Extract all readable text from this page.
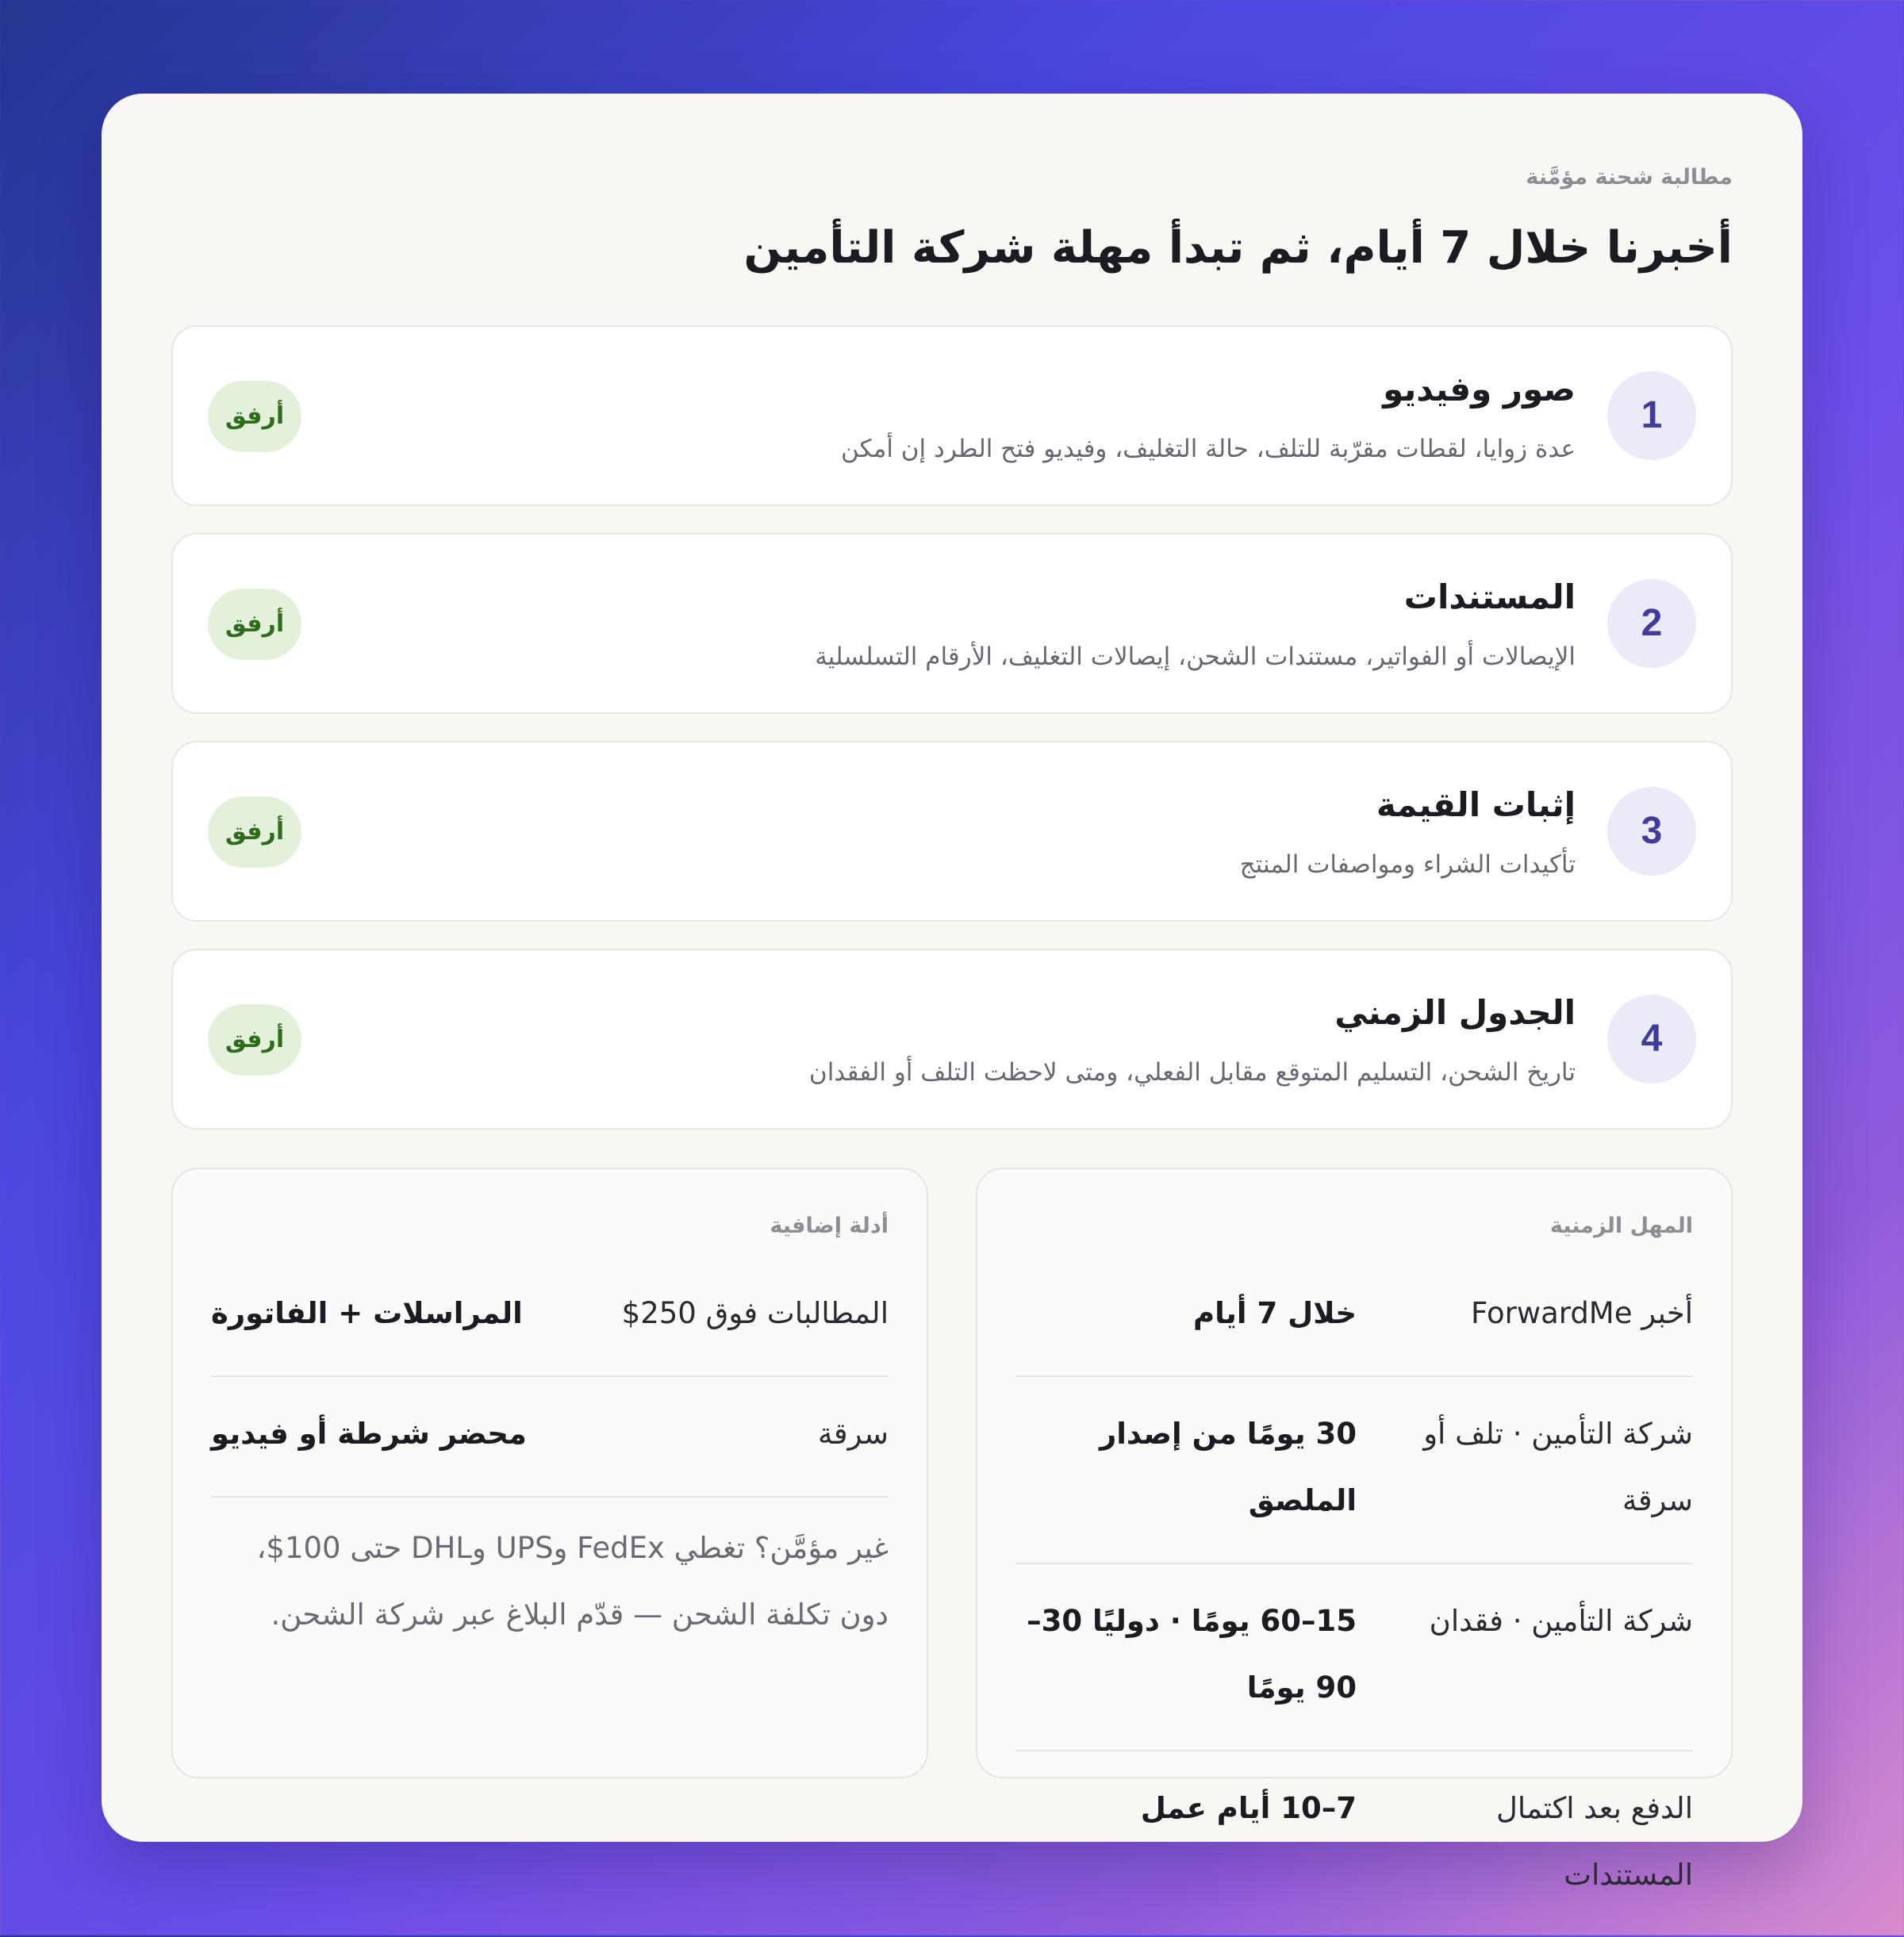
مطالبة شحنة مؤمَّنة
أخبرنا خلال 7 أيام، ثم تبدأ مهلة شركة التأمين
1
صور وفيديو
عدة زوايا، لقطات مقرّبة للتلف، حالة التغليف، وفيديو فتح الطرد إن أمكن
أرفق
2
المستندات
الإيصالات أو الفواتير، مستندات الشحن، إيصالات التغليف، الأرقام التسلسلية
أرفق
3
إثبات القيمة
تأكيدات الشراء ومواصفات المنتج
أرفق
4
الجدول الزمني
تاريخ الشحن، التسليم المتوقع مقابل الفعلي، ومتى لاحظت التلف أو الفقدان
أرفق
المهل الزمنية
أخبر ForwardMe
خلال 7 أيام
شركة التأمين · تلف أو سرقة
30 يومًا من إصدار الملصق
شركة التأمين · فقدان
15–60 يومًا · دوليًا 30–90 يومًا
الدفع بعد اكتمال المستندات
7–10 أيام عمل
أدلة إضافية
المطالبات فوق 250$
المراسلات + الفاتورة
سرقة
محضر شرطة أو فيديو
غير مؤمَّن؟ تغطي FedEx وUPS وDHL حتى 100$، دون تكلفة الشحن — قدّم البلاغ عبر شركة الشحن.
